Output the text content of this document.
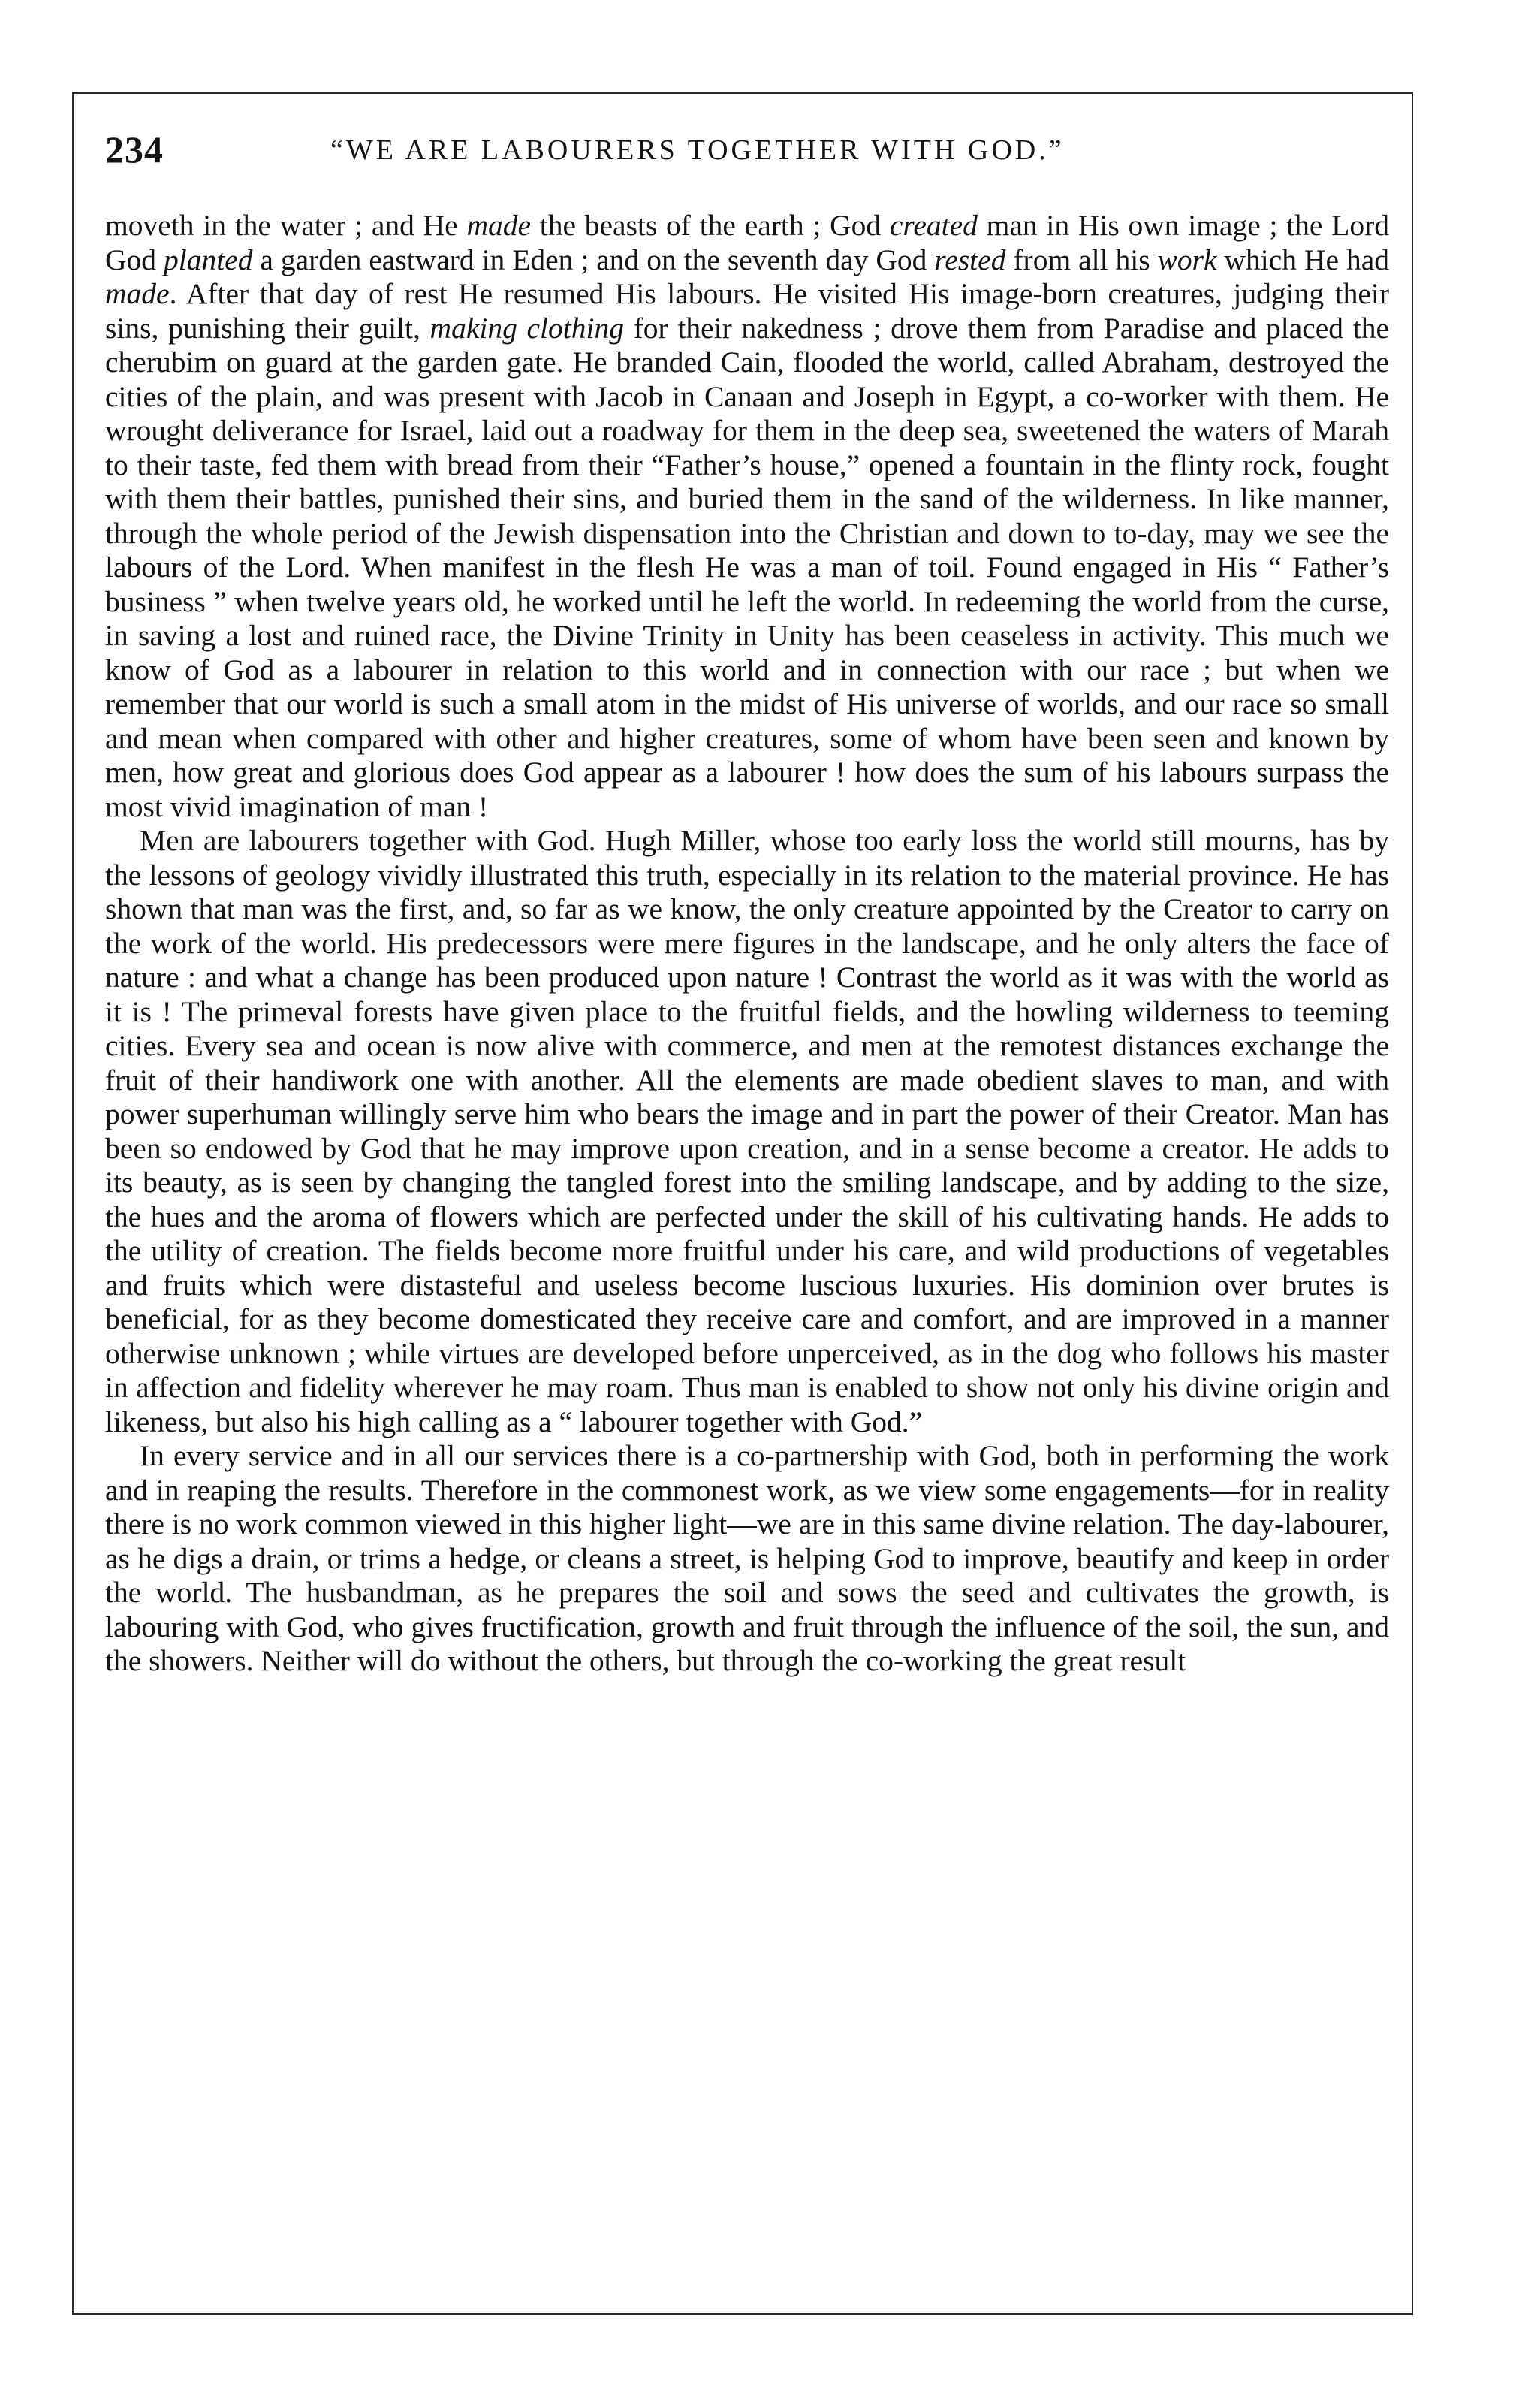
234	“WE ARE LABOURERS TOGETHER WITH GOD.”

moveth in the water ; and He made the beasts of the earth ; God created man in His own image ; the Lord God planted a garden eastward in Eden ; and on the seventh day God rested from all his work which He had made. After that day of rest He resumed His labours. He visited His image-born creatures, judging their sins, punishing their guilt, making clothing for their nakedness ; drove them from Paradise and placed the cherubim on guard at the garden gate. He branded Cain, flooded the world, called Abraham, destroyed the cities of the plain, and was present with Jacob in Canaan and Joseph in Egypt, a co-worker with them. He wrought deliverance for Israel, laid out a roadway for them in the deep sea, sweetened the waters of Marah to their taste, fed them with bread from their “Father’s house,” opened a fountain in the flinty rock, fought with them their battles, punished their sins, and buried them in the sand of the wilderness. In like manner, through the whole period of the Jewish dispensation into the Christian and down to to-day, may we see the labours of the Lord. When manifest in the flesh He was a man of toil. Found engaged in His “ Father’s business ” when twelve years old, he worked until he left the world. In redeeming the world from the curse, in saving a lost and ruined race, the Divine Trinity in Unity has been ceaseless in activity. This much we know of God as a labourer in relation to this world and in connection with our race ; but when we remember that our world is such a small atom in the midst of His universe of worlds, and our race so small and mean when compared with other and higher creatures, some of whom have been seen and known by men, how great and glorious does God appear as a labourer ! how does the sum of his labours surpass the most vivid imagination of man !

Men are labourers together with God. Hugh Miller, whose too early loss the world still mourns, has by the lessons of geology vividly illustrated this truth, especially in its relation to the material province. He has shown that man was the first, and, so far as we know, the only creature appointed by the Creator to carry on the work of the world. His predecessors were mere figures in the landscape, and he only alters the face of nature : and what a change has been produced upon nature ! Contrast the world as it was with the world as it is ! The primeval forests have given place to the fruitful fields, and the howling wilderness to teeming cities. Every sea and ocean is now alive with commerce, and men at the remotest distances exchange the fruit of their handiwork one with another. All the elements are made obedient slaves to man, and with power superhuman willingly serve him who bears the image and in part the power of their Creator. Man has been so endowed by God that he may improve upon creation, and in a sense become a creator. He adds to its beauty, as is seen by changing the tangled forest into the smiling landscape, and by adding to the size, the hues and the aroma of flowers which are perfected under the skill of his cultivating hands. He adds to the utility of creation. The fields become more fruitful under his care, and wild productions of vegetables and fruits which were distasteful and useless become luscious luxuries. His dominion over brutes is beneficial, for as they become domesticated they receive care and comfort, and are improved in a manner otherwise unknown ; while virtues are developed before unperceived, as in the dog who follows his master in affection and fidelity wherever he may roam. Thus man is enabled to show not only his divine origin and likeness, but also his high calling as a “ labourer together with God.”

In every service and in all our services there is a co-partnership with God, both in performing the work and in reaping the results. Therefore in the commonest work, as we view some engagements—for in reality there is no work common viewed in this higher light—we are in this same divine relation. The day-labourer, as he digs a drain, or trims a hedge, or cleans a street, is helping God to improve, beautify and keep in order the world. The husbandman, as he prepares the soil and sows the seed and cultivates the growth, is labouring with God, who gives fructification, growth and fruit through the influence of the soil, the sun, and the showers. Neither will do without the others, but through the co-working the great result
